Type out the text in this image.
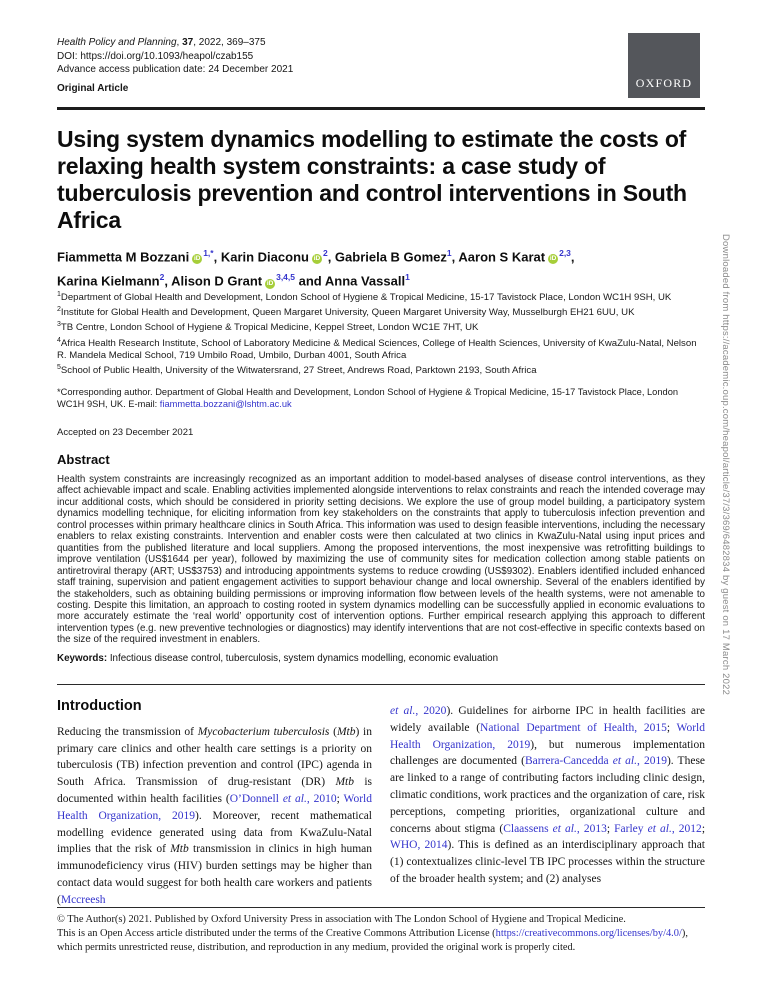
Downloaded from https://academic.oup.com/heapol/article/37/3/369/6482834 by guest on 17 March 2022
Health Policy and Planning, 37, 2022, 369–375
DOI: https://doi.org/10.1093/heapol/czab155
Advance access publication date: 24 December 2021
Original Article	OXFORD
Using system dynamics modelling to estimate the costs of relaxing health system constraints: a case study of tuberculosis prevention and control interventions in South Africa
Fiammetta M Bozzani $iD^{1,*}$, Karin Diaconu $iD^2$, Gabriela B Gomez$^1$, Aaron S Karat iD$^{2,3}$,
Karina Kielmann$^2$, Alison D Grant iD$^{3,4,5}$ and Anna Vassall$^1$
$^1$Department of Global Health and Development, London School of Hygiene & Tropical Medicine, 15-17 Tavistock Place, London WC1H 9SH, UK
$^2$Institute for Global Health and Development, Queen Margaret University, Queen Margaret University Way, Musselburgh EH21 6UU, UK
$^3$TB Centre, London School of Hygiene & Tropical Medicine, Keppel Street, London WC1E 7HT, UK
$^4$Africa Health Research Institute, School of Laboratory Medicine & Medical Sciences, College of Health Sciences, University of KwaZulu-Natal, Nelson R. Mandela Medical School, 719 Umbilo Road, Umbilo, Durban 4001, South Africa
$^5$School of Public Health, University of the Witwatersrand, 27 Street, Andrews Road, Parktown 2193, South Africa
*Corresponding author. Department of Global Health and Development, London School of Hygiene & Tropical Medicine, 15-17 Tavistock Place, London WC1H 9SH, UK. E-mail: fiammetta.bozzani@lshtm.ac.uk
Accepted on 23 December 2021
Abstract

Health system constraints are increasingly recognized as an important addition to model-based analyses of disease control interventions, as they affect achievable impact and scale. Enabling activities implemented alongside interventions to relax constraints and reach the intended coverage may incur additional costs, which should be considered in priority setting decisions. We explore the use of group model building, a participatory system dynamics modelling technique, for eliciting information from key stakeholders on the constraints that apply to tuberculosis infection prevention and control processes within primary healthcare clinics in South Africa. This information was used to design feasible interventions, including the necessary enablers to relax existing constraints. Intervention and enabler costs were then calculated at two clinics in KwaZulu-Natal using input prices and quantities from the published literature and local suppliers. Among the proposed interventions, the most inexpensive was retrofitting buildings to improve ventilation (US$1644 per year), followed by maximizing the use of community sites for medication collection among stable patients on antiretroviral therapy (ART; US$3753) and introducing appointments systems to reduce crowding (US$9302). Enablers identified included enhanced staff training, supervision and patient engagement activities to support behaviour change and local ownership. Several of the enablers identified by the stakeholders, such as obtaining building permissions or improving information flow between levels of the health systems, were not amenable to costing. Despite this limitation, an approach to costing rooted in system dynamics modelling can be successfully applied in economic evaluations to more accurately estimate the ‘real world’ opportunity cost of intervention options. Further empirical research applying this approach to different intervention types (e.g. new preventive technologies or diagnostics) may identify interventions that are not cost-effective in specific contexts based on the size of the required investment in enablers.

Keywords: Infectious disease control, tuberculosis, system dynamics modelling, economic evaluation
Introduction
Reducing the transmission of Mycobacterium tuberculosis (Mtb) in primary care clinics and other health care settings is a priority on tuberculosis (TB) infection prevention and control (IPC) agenda in South Africa. Transmission of drug-resistant (DR) Mtb is documented within health facilities (O’Donnell et al., 2010; World Health Organization, 2019). Moreover, recent mathematical modelling evidence generated using data from KwaZulu-Natal implies that the risk of Mtb transmission in clinics in high human immunodeficiency virus (HIV) burden settings may be higher than contact data would suggest for both health care workers and patients (Mccreesh
et al., 2020). Guidelines for airborne IPC in health facilities are widely available (National Department of Health, 2015; World Health Organization, 2019), but numerous implementation challenges are documented (Barrera-Cancedda et al., 2019). These are linked to a range of contributing factors including clinic design, climatic conditions, work practices and the organization of care, risk perceptions, competing priorities, organizational culture and concerns about stigma (Claassens et al., 2013; Farley et al., 2012; WHO, 2014). This is defined as an interdisciplinary approach that (1) contextualizes clinic-level TB IPC processes within the structure of the broader health system; and (2) analyses
© The Author(s) 2021. Published by Oxford University Press in association with The London School of Hygiene and Tropical Medicine.
This is an Open Access article distributed under the terms of the Creative Commons Attribution License (https://creativecommons.org/licenses/by/4.0/),
which permits unrestricted reuse, distribution, and reproduction in any medium, provided the original work is properly cited.
